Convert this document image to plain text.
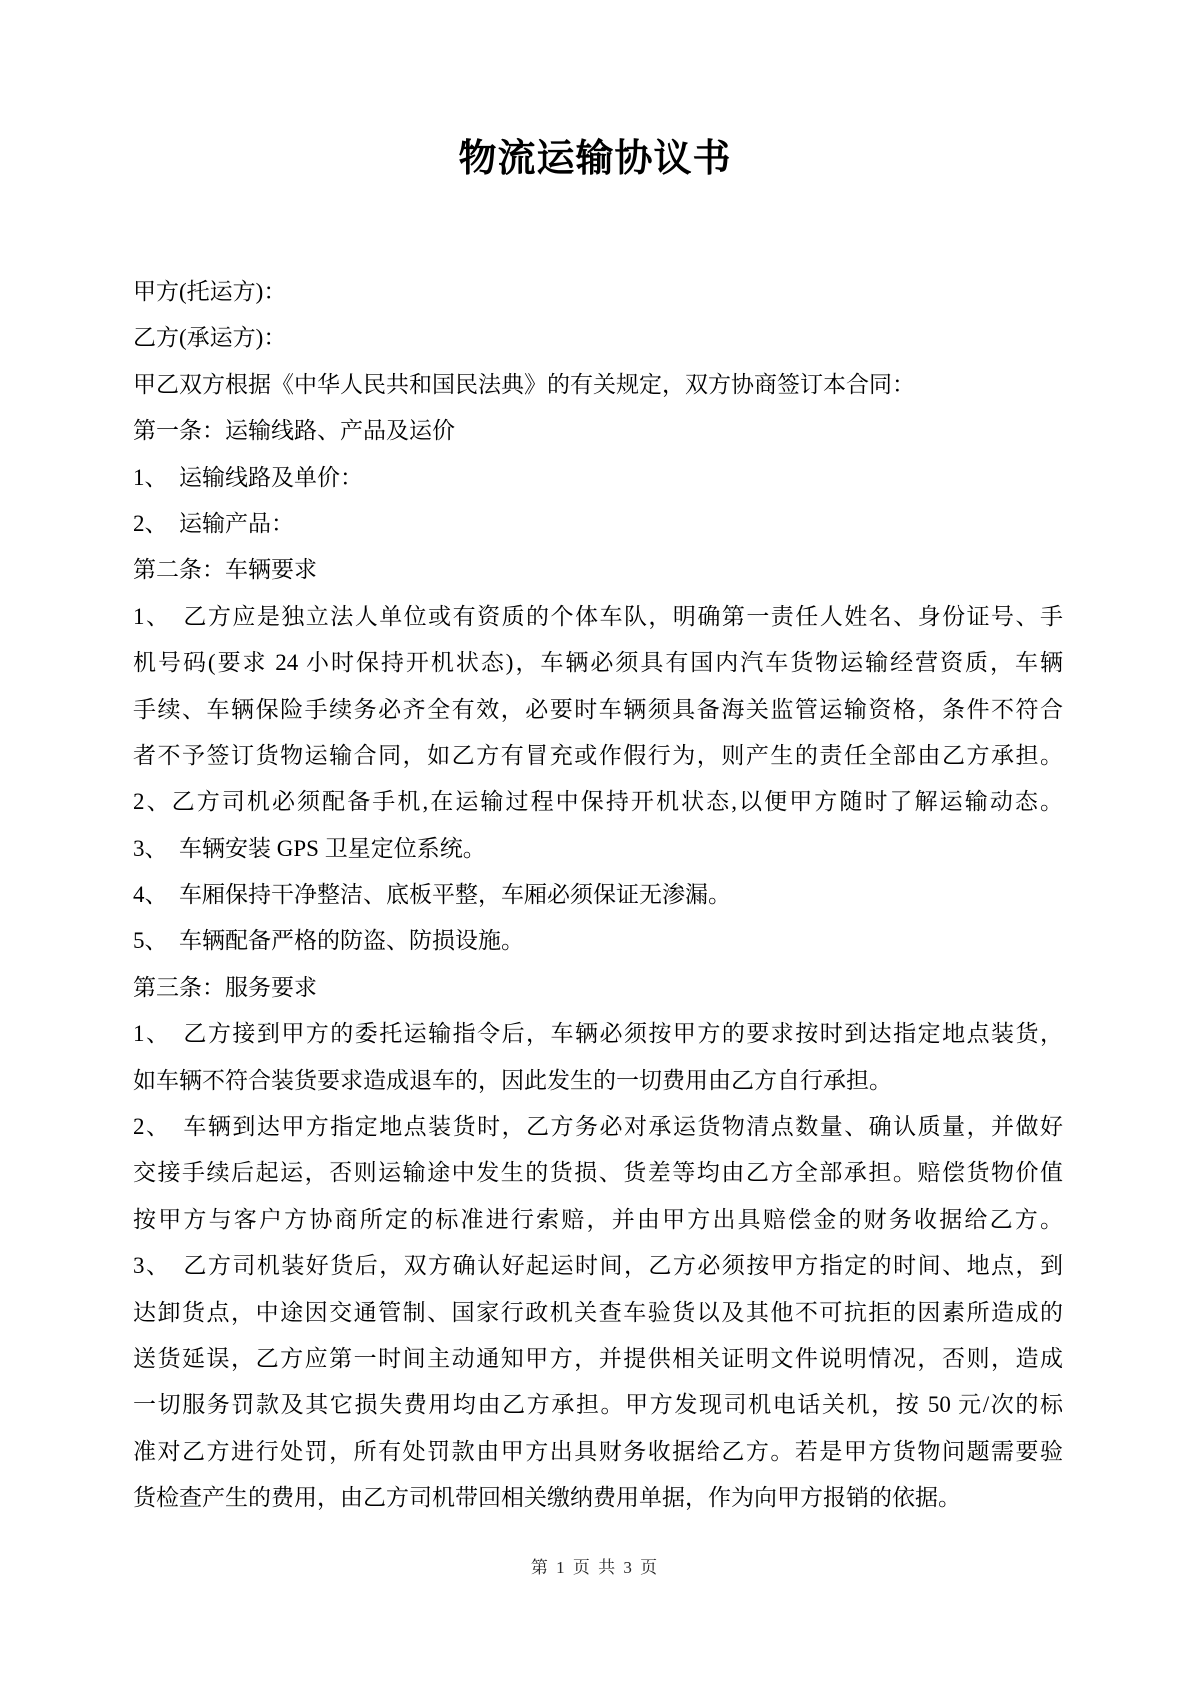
物流运输协议书
甲方(托运方)：
乙方(承运方)：
甲乙双方根据《中华人民共和国民法典》的有关规定，双方协商签订本合同：
第一条：运输线路、产品及运价
1、　运输线路及单价：
2、　运输产品：
第二条：车辆要求
1、　乙方应是独立法人单位或有资质的个体车队，明确第一责任人姓名、身份证号、手
机号码(要求 24 小时保持开机状态)，车辆必须具有国内汽车货物运输经营资质，车辆
手续、车辆保险手续务必齐全有效，必要时车辆须具备海关监管运输资格，条件不符合
者不予签订货物运输合同，如乙方有冒充或作假行为，则产生的责任全部由乙方承担。
2、乙方司机必须配备手机,在运输过程中保持开机状态,以便甲方随时了解运输动态。
3、　车辆安装 GPS 卫星定位系统。
4、　车厢保持干净整洁、底板平整，车厢必须保证无渗漏。
5、　车辆配备严格的防盗、防损设施。
第三条：服务要求
1、　乙方接到甲方的委托运输指令后，车辆必须按甲方的要求按时到达指定地点装货，
如车辆不符合装货要求造成退车的，因此发生的一切费用由乙方自行承担。
2、　车辆到达甲方指定地点装货时，乙方务必对承运货物清点数量、确认质量，并做好
交接手续后起运，否则运输途中发生的货损、货差等均由乙方全部承担。赔偿货物价值
按甲方与客户方协商所定的标准进行索赔，并由甲方出具赔偿金的财务收据给乙方。
3、　乙方司机装好货后，双方确认好起运时间，乙方必须按甲方指定的时间、地点，到
达卸货点，中途因交通管制、国家行政机关查车验货以及其他不可抗拒的因素所造成的
送货延误，乙方应第一时间主动通知甲方，并提供相关证明文件说明情况，否则，造成
一切服务罚款及其它损失费用均由乙方承担。甲方发现司机电话关机，按 50 元/次的标
准对乙方进行处罚，所有处罚款由甲方出具财务收据给乙方。若是甲方货物问题需要验
货检查产生的费用，由乙方司机带回相关缴纳费用单据，作为向甲方报销的依据。
第 1 页 共 3 页
